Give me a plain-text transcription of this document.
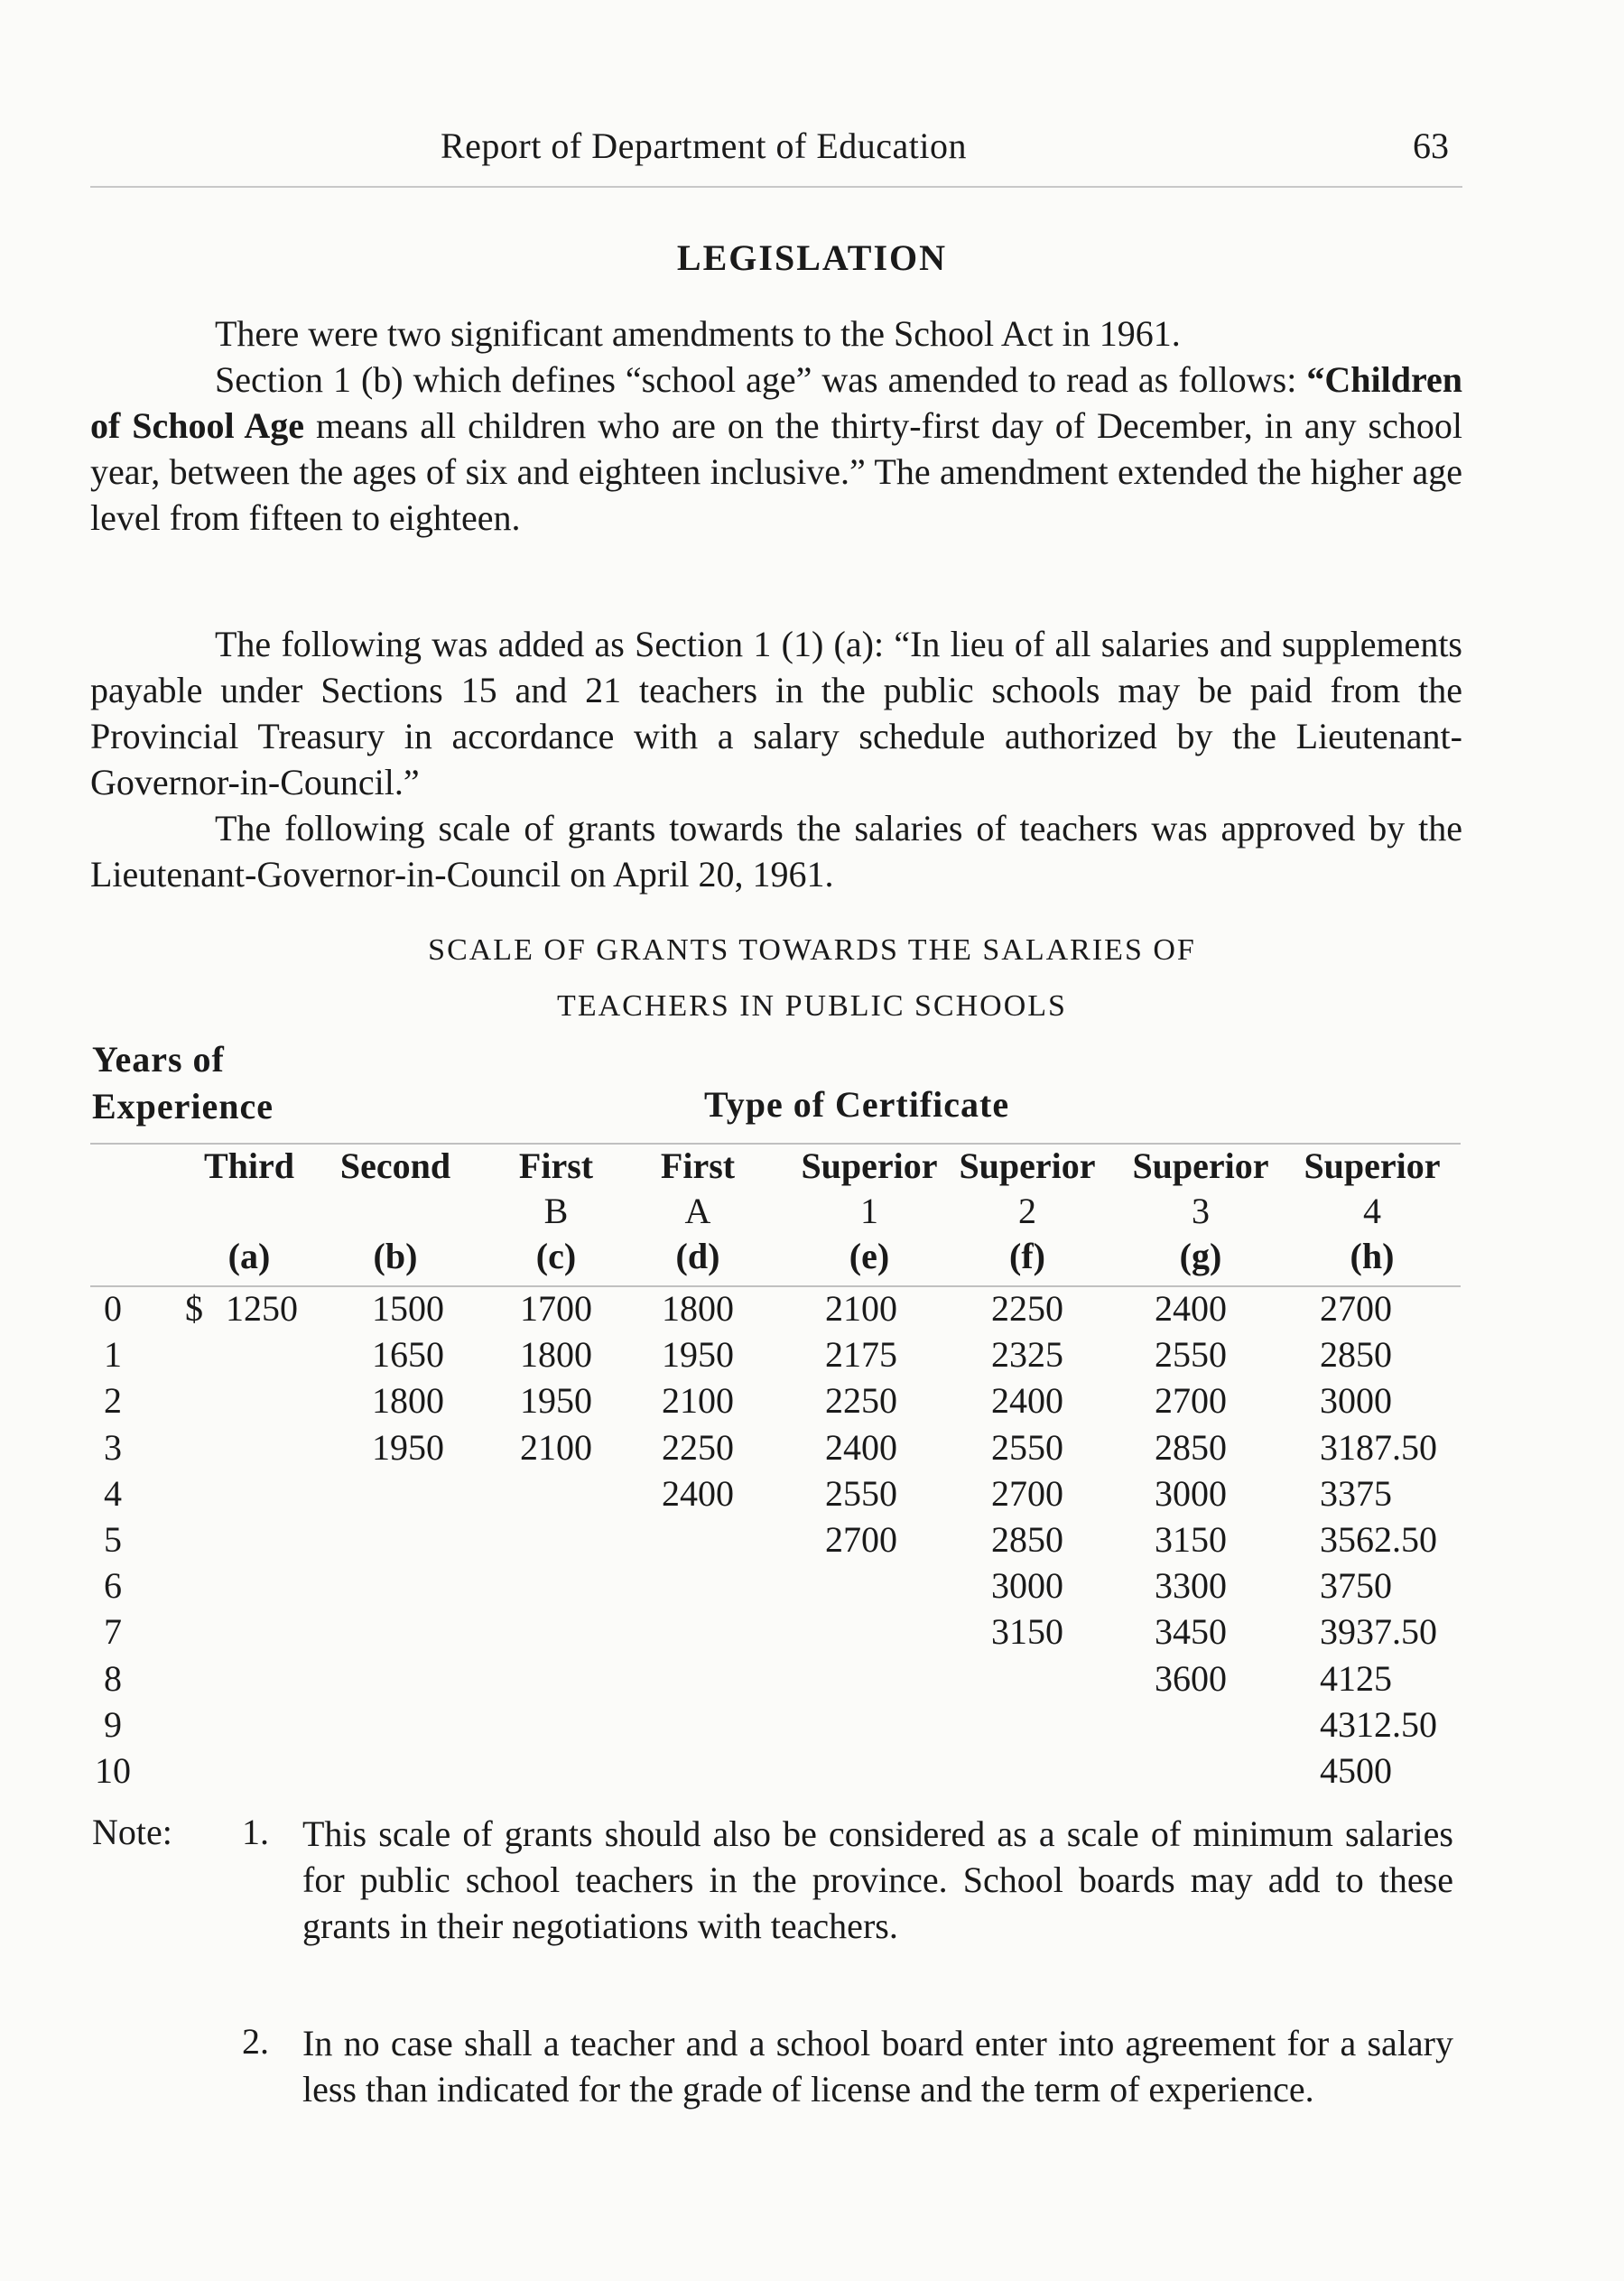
Report of Department of Education	63
LEGISLATION

There were two significant amendments to the School Act in 1961.

Section 1 (b) which defines “school age” was amended to read as follows: “Children of School Age means all children who are on the thirty-first day of December, in any school year, between the ages of six and eighteen inclusive.” The amendment extended the higher age level from fifteen to eighteen.

The following was added as Section 1 (1) (a): “In lieu of all salaries and supplements payable under Sections 15 and 21 teachers in the public schools may be paid from the Provincial Treasury in accordance with a salary schedule authorized by the Lieutenant-Governor-in-Council.”

The following scale of grants towards the salaries of teachers was approved by the Lieutenant-Governor-in-Council on April 20, 1961.

SCALE OF GRANTS TOWARDS THE SALARIES OF
TEACHERS IN PUBLIC SCHOOLS
Years of
Experience	Type of Certificate
Third
(a)
Second
(b)
First
B
(c)
First
A
(d)
Superior
1
(e)
Superior
2
(f)
Superior
3
(g)
Superior
4
(h)
0
1
2
3
4
5
6
7
8
9
10
$ 1250 1500
1650
1800
1950
1700
1800
1950
2100
1800
1950
2100
2250
2400
2100
2175
2250
2400
2550
2700
2250
2325
2400
2550
2700
2850
3000
3150
2400
2550
2700
2850
3000
3150
3300
3450
3600
2700
2850
3000
3187.50
3375
3562.50
3750
3937.50
4125
4312.50
4500
Note: 1. This scale of grants should also be considered as a scale of minimum salaries for public school teachers in the province. School boards may add to these grants in their negotiations with teachers.
2. In no case shall a teacher and a school board enter into agreement for a salary less than indicated for the grade of license and the term of experience.
